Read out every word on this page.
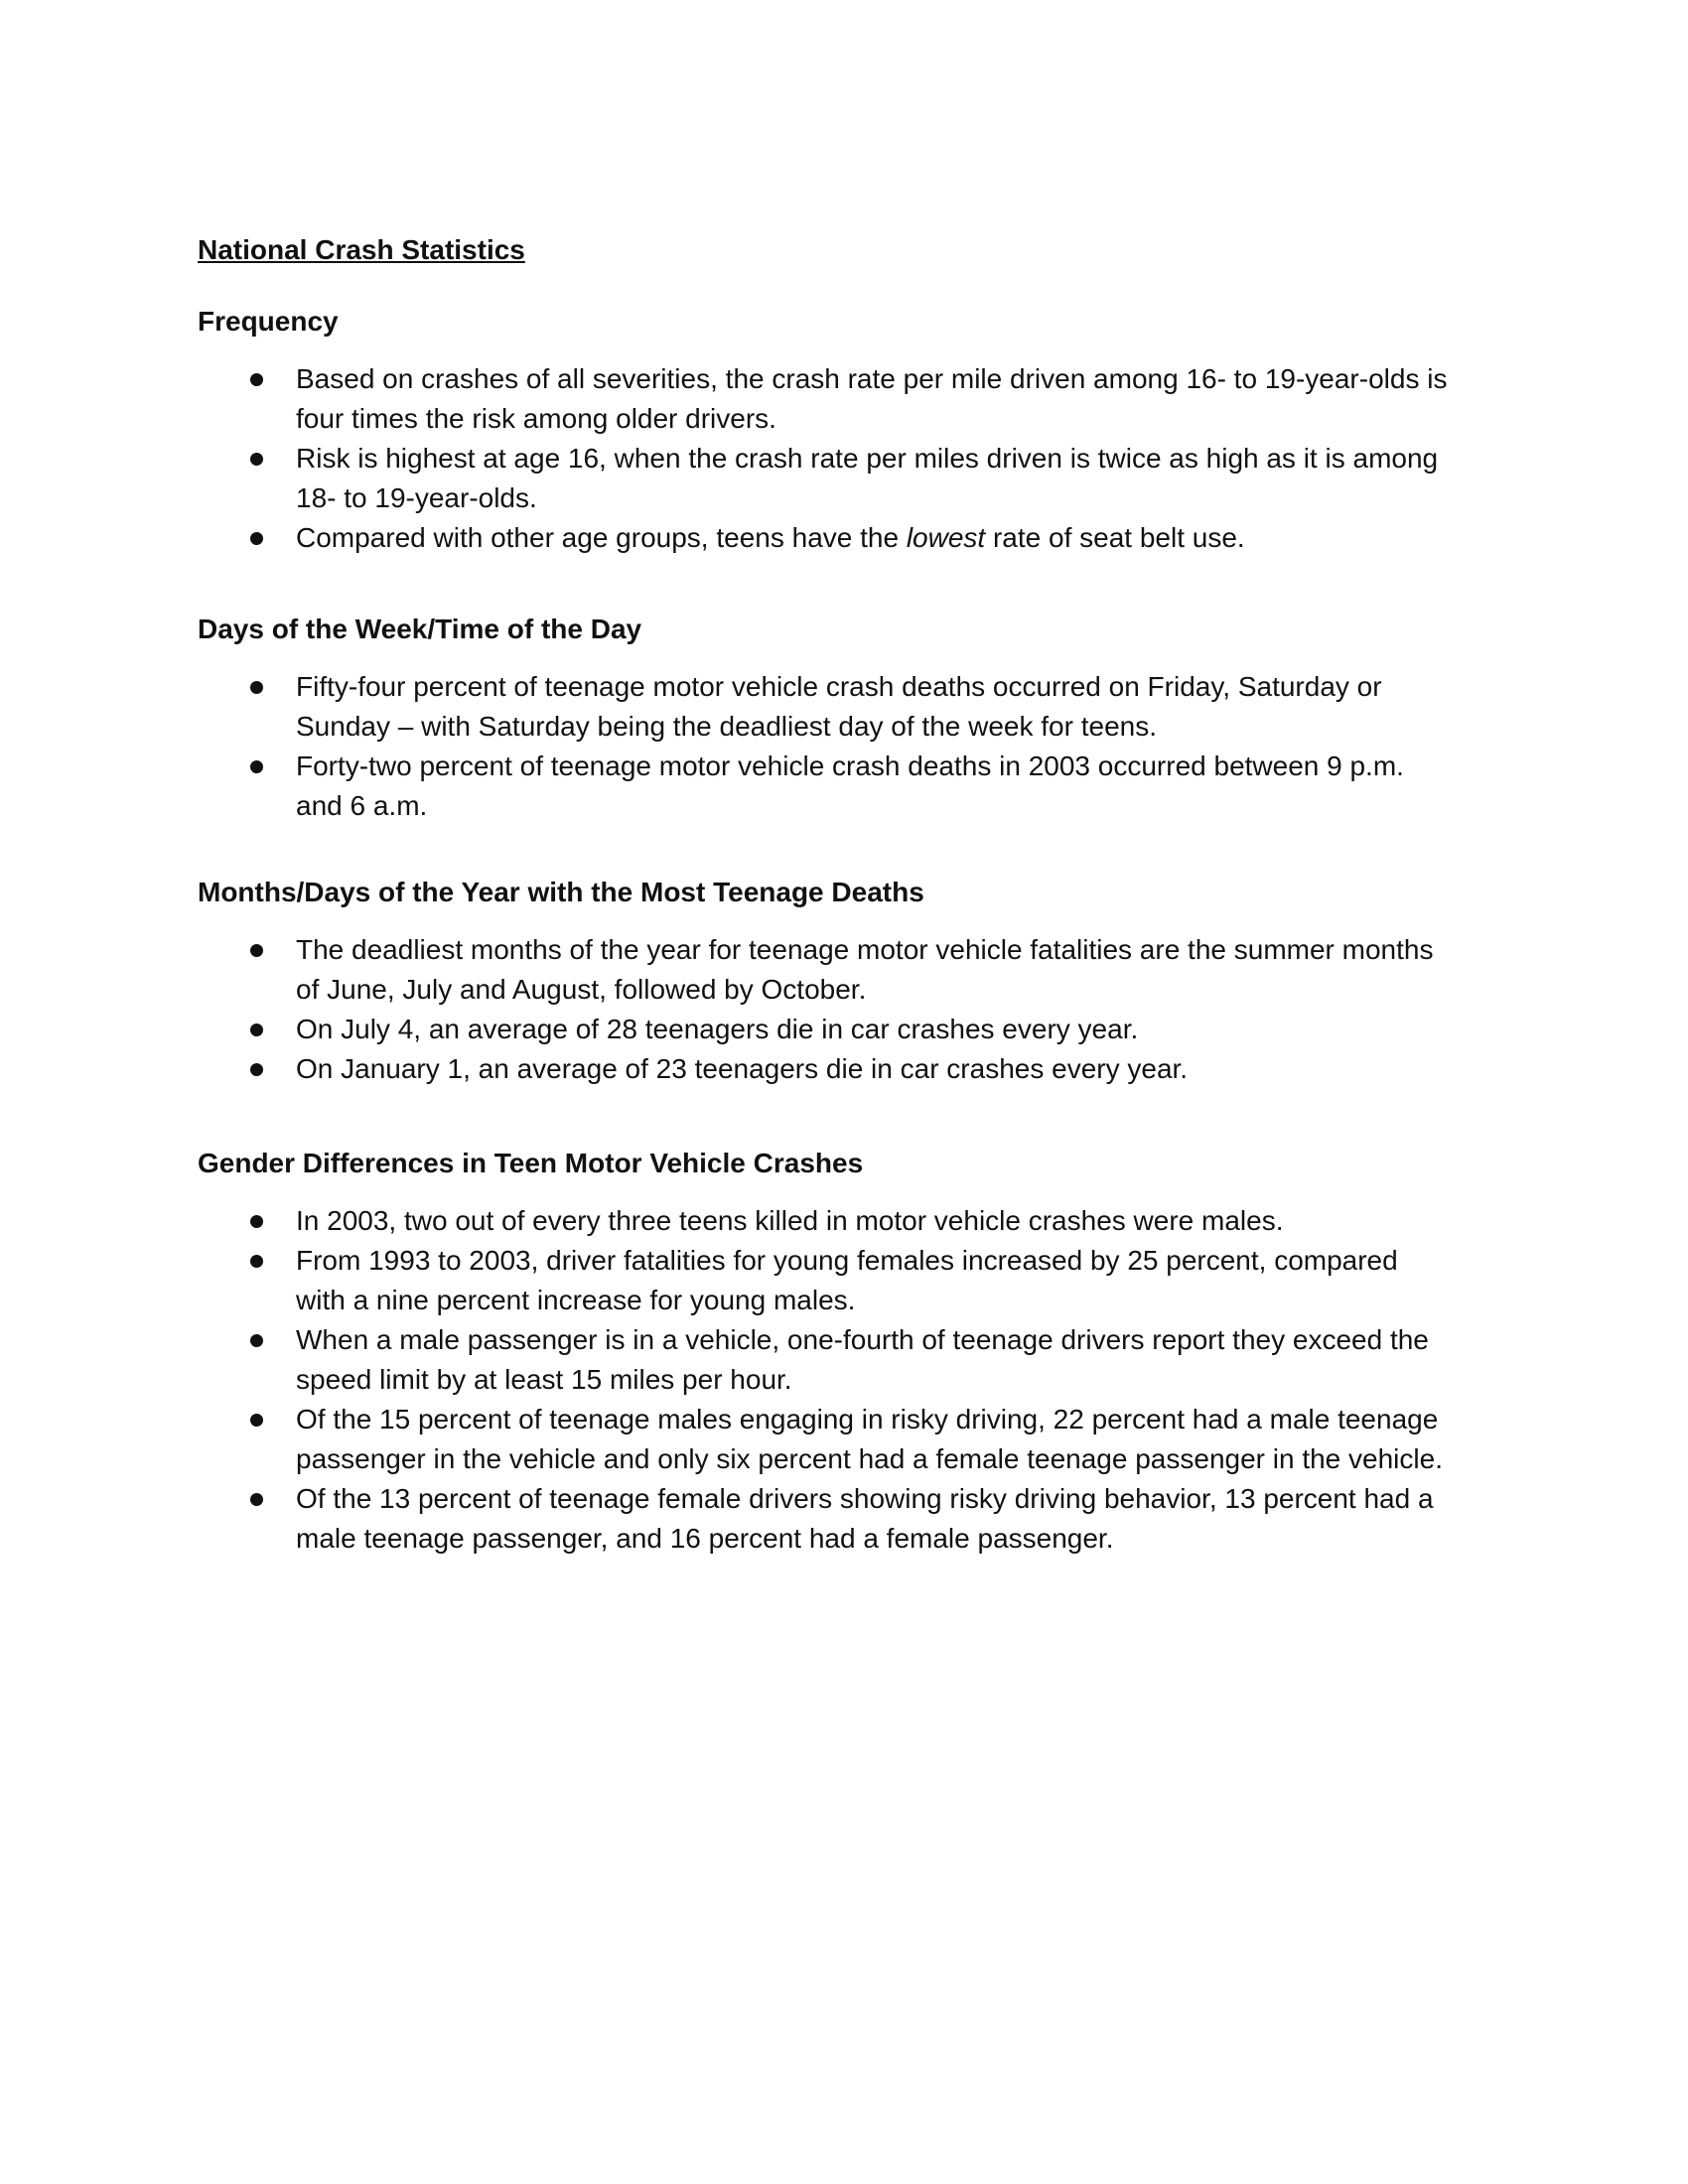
National Crash Statistics
Frequency
Based on crashes of all severities, the crash rate per mile driven among 16- to 19-year-olds is four times the risk among older drivers.
Risk is highest at age 16, when the crash rate per miles driven is twice as high as it is among 18- to 19-year-olds.
Compared with other age groups, teens have the lowest rate of seat belt use.
Days of the Week/Time of the Day
Fifty-four percent of teenage motor vehicle crash deaths occurred on Friday, Saturday or Sunday – with Saturday being the deadliest day of the week for teens.
Forty-two percent of teenage motor vehicle crash deaths in 2003 occurred between 9 p.m. and 6 a.m.
Months/Days of the Year with the Most Teenage Deaths
The deadliest months of the year for teenage motor vehicle fatalities are the summer months of June, July and August, followed by October.
On July 4, an average of 28 teenagers die in car crashes every year.
On January 1, an average of 23 teenagers die in car crashes every year.
Gender Differences in Teen Motor Vehicle Crashes
In 2003, two out of every three teens killed in motor vehicle crashes were males.
From 1993 to 2003, driver fatalities for young females increased by 25 percent, compared with a nine percent increase for young males.
When a male passenger is in a vehicle, one-fourth of teenage drivers report they exceed the speed limit by at least 15 miles per hour.
Of the 15 percent of teenage males engaging in risky driving, 22 percent had a male teenage passenger in the vehicle and only six percent had a female teenage passenger in the vehicle.
Of the 13 percent of teenage female drivers showing risky driving behavior, 13 percent had a male teenage passenger, and 16 percent had a female passenger.
